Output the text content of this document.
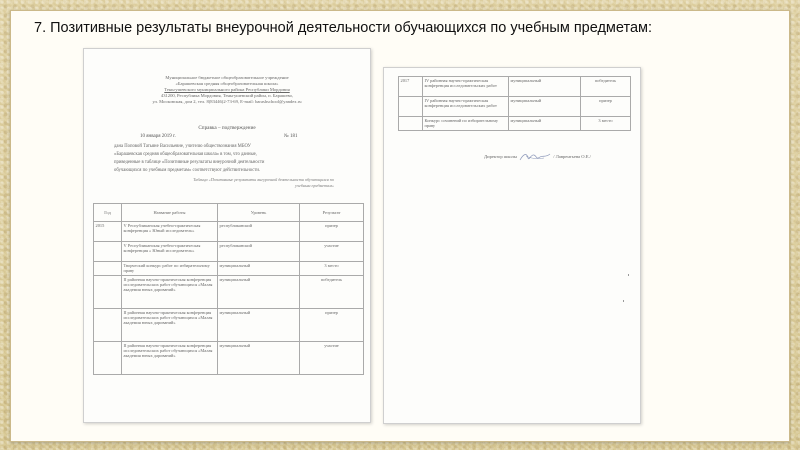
7. Позитивные результаты внеурочной деятельности обучающихся по учебным предметам:
Муниципальное бюджетное общеобразовательное учреждение
«Барашевская средняя общеобразовательная школа»
Теньгушевского муниципального района Республики Мордовия
431200, Республика Мордовия, Теньгушевский район, п. Барашево,
ул. Московская, дом 2, тел. 8(83446)2-73-69, E-mail: barashschool@yandex.ru
Справка – подтверждение
10 января 2019 г.	№ 181
дана Поповой Татьяне Васильевне, учителю обществознания МБОУ
«Барашевская средняя общеобразовательная школа» в том, что данные,
приведенные в таблице «Позитивные результаты внеурочной деятельности
обучающихся по учебным предметам» соответствуют действительности.
Таблица «Позитивные результаты внеурочной деятельности обучающихся по
учебным предметам»
Год	Название работы	Уровень	Результат
2015	V Республиканская учебно-практическая конференция « Юный исследователь»	республиканский	призер
	V Республиканская учебно-практическая конференция « Юный исследователь»	республиканский	участие
	Творческий конкурс работ по избирательному праву	муниципальный	3 место
	II районная научно-практическая конференция исследовательских работ обучающихся «Малая академия юных дарований»	муниципальный	победитель
	II районная научно-практическая конференция исследовательских работ обучающихся «Малая академия юных дарований»	муниципальный	призер
	II районная научно-практическая конференция исследовательских работ обучающихся «Малая академия юных дарований»	муниципальный	участие
2017	IV районная научно-практическая конференция исследовательских работ	муниципальный	победитель
	IV районная научно-практическая конференция исследовательских работ	муниципальный	призер
	Конкурс сочинений по избирательному праву	муниципальный	3 место
Директор школы	/ Лаврентьева О.Е./
